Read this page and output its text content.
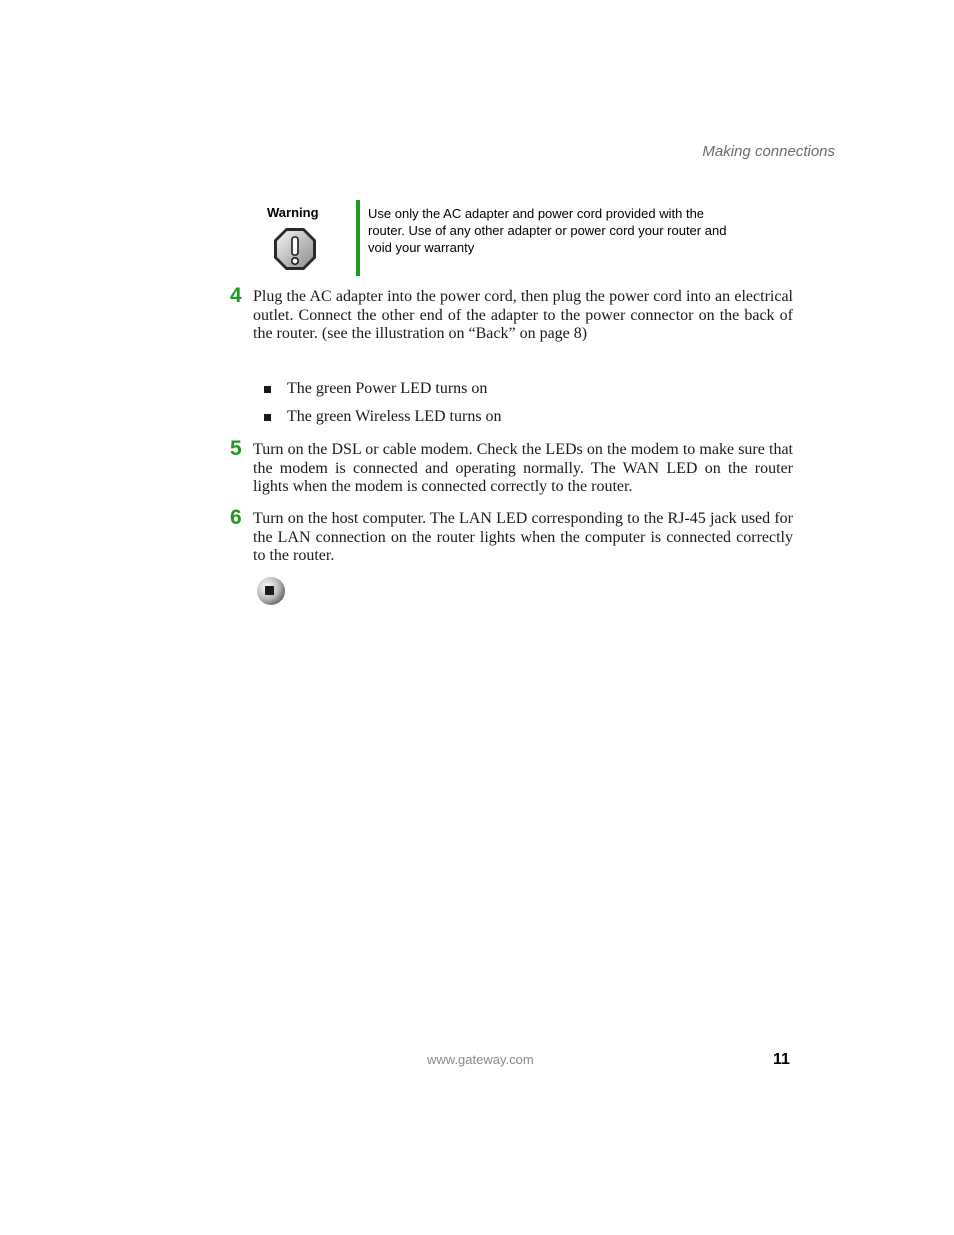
Making connections
Warning	Use only the AC adapter and power cord provided with the router. Use of any other adapter or power cord your router and void your warranty
4 Plug the AC adapter into the power cord, then plug the power cord into an electrical outlet. Connect the other end of the adapter to the power connector on the back of the router. (see the illustration on “Back” on page 8)
The green Power LED turns on
The green Wireless LED turns on
5 Turn on the DSL or cable modem. Check the LEDs on the modem to make sure that the modem is connected and operating normally. The WAN LED on the router lights when the modem is connected correctly to the router.
6 Turn on the host computer. The LAN LED corresponding to the RJ-45 jack used for the LAN connection on the router lights when the computer is connected correctly to the router.
www.gateway.com	11
